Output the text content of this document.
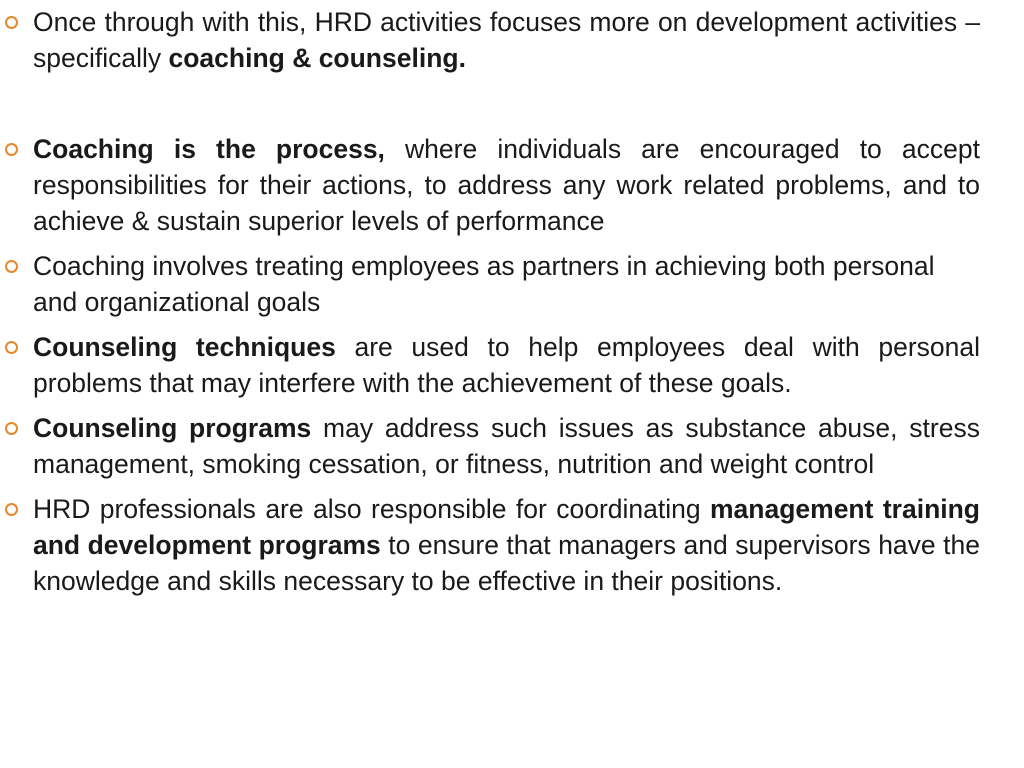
Once through with this, HRD activities focuses more on development activities – specifically coaching & counseling.
Coaching is the process, where individuals are encouraged to accept responsibilities for their actions, to address any work related problems, and to achieve & sustain superior levels of performance
Coaching involves treating employees as partners in achieving both personal and organizational goals
Counseling techniques are used to help employees deal with personal problems that may interfere with the achievement of these goals.
Counseling programs may address such issues as substance abuse, stress management, smoking cessation, or fitness, nutrition and weight control
HRD professionals are also responsible for coordinating management training and development programs to ensure that managers and supervisors have the knowledge and skills necessary to be effective in their positions.
